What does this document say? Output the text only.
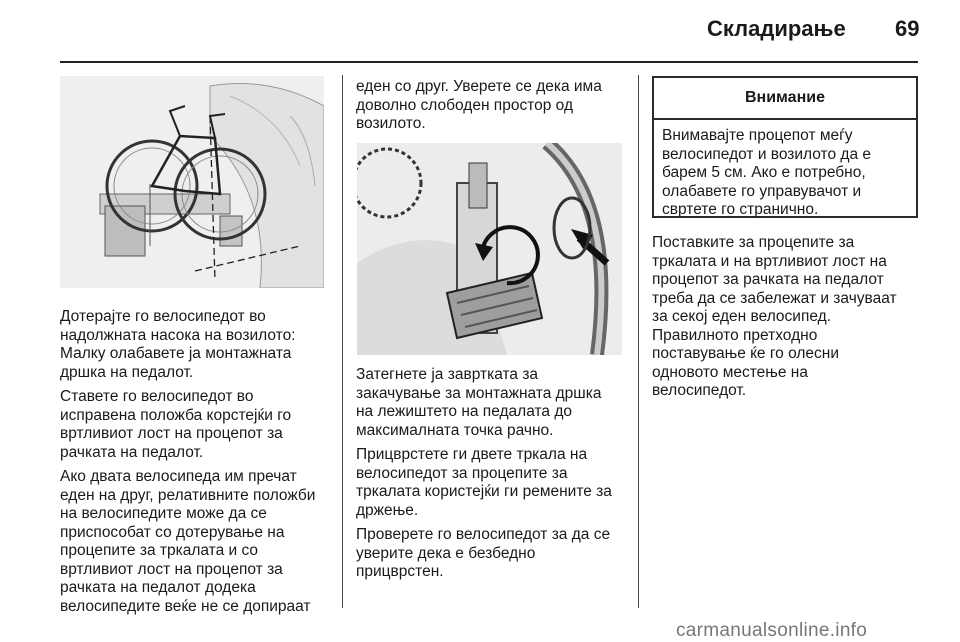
Складирање 69

Дотерајте го велосипедот во
надолжната насока на возилото:
Малку олабавете ја монтажната
дршка на педалот.

Ставете го велосипедот во
исправена положба корстејќи го
вртливиот лост на процепот за
рачката на педалот.

Ако двата велосипеда им пречат
еден на друг, релативните положби
на велосипедите може да се
приспособат со дотерување на
процепите за тркалата и со
вртливиот лост на процепот за
рачката на педалот додека
велосипедите веќе не се допираат

еден со друг. Уверете се дека има
доволно слободен простор од
возилото.

Затегнете ја завртката за
закачување за монтажната дршка
на лежиштето на педалата до
максималната точка рачно.

Прицврстете ги двете тркала на
велосипедот за процепите за
тркалата користејќи ги ремените за
држење.

Проверете го велосипедот за да се
уверите дека е безбедно
прицврстен.

Внимание
Внимавајте процепот меѓу
велосипедот и возилото да е
барем 5 см. Ако е потребно,
олабавете го управувачот и
свртете го странично.

Поставките за процепите за
тркалата и на вртливиот лост на
процепот за рачката на педалот
треба да се забележат и зачуваат
за секој еден велосипед.
Правилното претходно
поставување ќе го олесни
одновото местење на
велосипедот.

carmanualsonline.info
